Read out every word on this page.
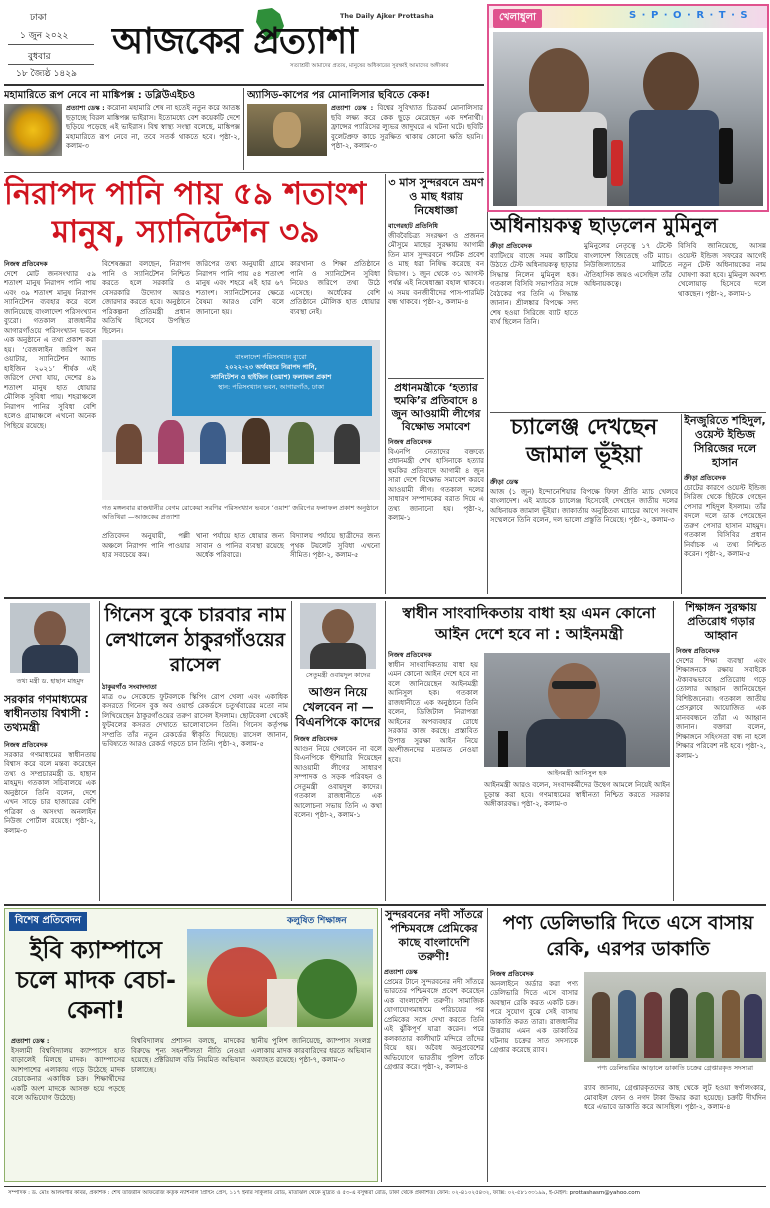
ঢাকা
১ জুন ২০২২
বুধবার
১৮ জ্যৈষ্ঠ ১৪২৯
The Daily Ajker Prottasha
আজকের প্রত্যাশা
সত্যাশ্রয়ী আমাদের প্রত্যয়, মানুষের অধিকারের সুরক্ষাই আমাদের অঙ্গীকার
খেলাধুলা	S · P · O · R · T · S
মহামারিতে রূপ নেবে না মাঙ্কিপক্স : ডব্লিউএইচও
প্রত্যাশা ডেস্ক : করোনা মহামারি শেষ না হতেই নতুন করে আতঙ্ক ছড়াচ্ছে বিরল মাঙ্কিপক্স ভাইরাস। ইতোমধ্যে বেশ কয়েকটি দেশে ছড়িয়ে পড়েছে এই ভাইরাস। বিশ্ব স্বাস্থ্য সংস্থা বলেছে, মাঙ্কিপক্স মহামারিতে রূপ নেবে না, তবে সতর্ক থাকতে হবে। পৃষ্ঠা-২, কলাম-৩
অ্যাসিড-কাপের পর মোনালিসার ছবিতে কেক!
প্রত্যাশা ডেস্ক : বিশ্বের সুবিখ্যাত চিত্রকর্ম মোনালিসার ছবি লক্ষ্য করে কেক ছুড়ে মেরেছেন এক দর্শনার্থী। ফ্রান্সের প্যারিসের ল্যুভর জাদুঘরে এ ঘটনা ঘটে। ছবিটি বুলেটপ্রুফ কাচে সুরক্ষিত থাকায় কোনো ক্ষতি হয়নি। পৃষ্ঠা-২, কলাম-৩
নিরাপদ পানি পায় ৫৯ শতাংশ
মানুষ, স্যানিটেশন ৩৯
নিজস্ব প্রতিবেদক
দেশে মোট জনসংখ্যার ৫৯ শতাংশ মানুষ নিরাপদ পানি পায় এবং ৩৯ শতাংশ মানুষ নিরাপদ স্যানিটেশন ব্যবহার করে বলে জানিয়েছে বাংলাদেশ পরিসংখ্যান ব্যুরো। গতকাল রাজধানীর আগারগাঁওয়ে পরিসংখ্যান ভবনে এক অনুষ্ঠানে এ তথ্য প্রকাশ করা হয়। ‘বেজলাইন জরিপ অন ওয়াটার, স্যানিটেশন অ্যান্ড হাইজিন ২০২১’ শীর্ষক এই জরিপে দেখা যায়, দেশের ৪৯ শতাংশ মানুষ হাত ধোয়ার মৌলিক সুবিধা পায়। শহরাঞ্চলে নিরাপদ পানির সুবিধা বেশি হলেও গ্রামাঞ্চলে এখনো অনেক পিছিয়ে রয়েছে।
বিশেষজ্ঞরা বলছেন, নিরাপদ পানি ও স্যানিটেশন নিশ্চিত করতে হলে সরকারি ও বেসরকারি উদ্যোগ আরও জোরদার করতে হবে। অনুষ্ঠানে পরিকল্পনা প্রতিমন্ত্রী প্রধান অতিথি হিসেবে উপস্থিত ছিলেন।
জরিপের তথ্য অনুযায়ী গ্রামে নিরাপদ পানি পায় ৫৪ শতাংশ মানুষ এবং শহরে এই হার ৬৭ শতাংশ। স্যানিটেশনের ক্ষেত্রে বৈষম্য আরও বেশি বলে জানানো হয়।
কারখানা ও শিক্ষা প্রতিষ্ঠানে পানি ও স্যানিটেশন সুবিধা নিয়েও জরিপে তথ্য উঠে এসেছে। অর্ধেকের বেশি প্রতিষ্ঠানে মৌলিক হাত ধোয়ার ব্যবস্থা নেই।
বাংলাদেশ পরিসংখ্যান ব্যুরো
২০২২-২৩ অর্থবছরে নিরাপদ পানি,
স্যানিটেশন ও হাইজিন (ওয়াশ) ফলাফল প্রকাশ
স্থান: পরিসংখ্যান ভবন, আগারগাঁও, ঢাকা
গত মঙ্গলবার রাজধানীর বেগম রোকেয়া সরণির পরিসংখ্যান ভবনে ‘ওয়াশ’ জরিপের ফলাফল প্রকাশ অনুষ্ঠানে অতিথিরা —আজকের প্রত্যাশা
প্রতিবেদন অনুযায়ী, পল্লী অঞ্চলে নিরাপদ পানি পাওয়ার হার সবচেয়ে কম।
খানা পর্যায়ে হাত ধোয়ার জন্য সাবান ও পানির ব্যবস্থা রয়েছে অর্ধেক পরিবারে।
বিদ্যালয় পর্যায়ে ছাত্রীদের জন্য পৃথক টয়লেট সুবিধা এখনো সীমিত। পৃষ্ঠা-২, কলাম-৫
৩ মাস সুন্দরবনে ভ্রমণ ও মাছ ধরায় নিষেধাজ্ঞা
বাগেরহাট প্রতিনিধি
জীববৈচিত্র্য সংরক্ষণ ও প্রজনন মৌসুমে মাছের সুরক্ষায় আগামী তিন মাস সুন্দরবনে পর্যটক প্রবেশ ও মাছ ধরা নিষিদ্ধ করেছে বন বিভাগ। ১ জুন থেকে ৩১ আগস্ট পর্যন্ত এই নিষেধাজ্ঞা বহাল থাকবে। এ সময় বনজীবীদের পাস-পারমিট বন্ধ থাকবে। পৃষ্ঠা-২, কলাম-৪
প্রধানমন্ত্রীকে ‘হত্যার হুমকি’র প্রতিবাদে ৪ জুন আওয়ামী লীগের বিক্ষোভ সমাবেশ
নিজস্ব প্রতিবেদক
বিএনপি নেতাদের বক্তব্যে প্রধানমন্ত্রী শেখ হাসিনাকে হত্যার হুমকির প্রতিবাদে আগামী ৪ জুন সারা দেশে বিক্ষোভ সমাবেশ করবে আওয়ামী লীগ। গতকাল দলের সাধারণ সম্পাদকের বরাত দিয়ে এ তথ্য জানানো হয়। পৃষ্ঠা-২, কলাম-১
অধিনায়কত্ব ছাড়লেন মুমিনুল
ক্রীড়া প্রতিবেদক
ব্যাটিংয়ে বাজে সময় কাটিয়ে উঠতে টেস্ট অধিনায়কত্ব ছাড়ার সিদ্ধান্ত নিলেন মুমিনুল হক। গতকাল বিসিবি সভাপতির সঙ্গে বৈঠকের পর তিনি এ সিদ্ধান্ত জানান। শ্রীলঙ্কার বিপক্ষে সদ্য শেষ হওয়া সিরিজে ব্যাট হাতে ব্যর্থ ছিলেন তিনি।
মুমিনুলের নেতৃত্বে ১৭ টেস্টে বাংলাদেশ জিতেছে ৩টি ম্যাচ। নিউজিল্যান্ডের মাটিতে ঐতিহাসিক জয়ও এসেছিল তাঁর অধিনায়কত্বে।
বিসিবি জানিয়েছে, আসন্ন ওয়েস্ট ইন্ডিজ সফরের আগেই নতুন টেস্ট অধিনায়কের নাম ঘোষণা করা হবে। মুমিনুল অবশ্য খেলোয়াড় হিসেবে দলে থাকছেন। পৃষ্ঠা-২, কলাম-১
চ্যালেঞ্জ দেখছেন জামাল ভূঁইয়া
ক্রীড়া ডেস্ক
আজ (১ জুন) ইন্দোনেশিয়ার বিপক্ষে ফিফা প্রীতি ম্যাচ খেলবে বাংলাদেশ। এই ম্যাচকে চ্যালেঞ্জ হিসেবেই দেখছেন জাতীয় দলের অধিনায়ক জামাল ভূঁইয়া। জাকার্তায় অনুষ্ঠিতব্য ম্যাচের আগে সংবাদ সম্মেলনে তিনি বলেন, দল ভালো প্রস্তুতি নিয়েছে। পৃষ্ঠা-২, কলাম-৩
ইনজুরিতে শহিদুল, ওয়েস্ট ইন্ডিজ সিরিজের দলে হাসান
ক্রীড়া প্রতিবেদক
চোটের কারণে ওয়েস্ট ইন্ডিজ সিরিজ থেকে ছিটকে গেছেন পেসার শহিদুল ইসলাম। তাঁর বদলে দলে ডাক পেয়েছেন তরুণ পেসার হাসান মাহমুদ। গতকাল বিসিবির প্রধান নির্বাচক এ তথ্য নিশ্চিত করেন। পৃষ্ঠা-২, কলাম-৫
তথ্য মন্ত্রী ড. হাছান মাহমুদ
সরকার গণমাধ্যমের স্বাধীনতায় বিশ্বাসী : তথ্যমন্ত্রী
নিজস্ব প্রতিবেদক
সরকার গণমাধ্যমের স্বাধীনতায় বিশ্বাস করে বলে মন্তব্য করেছেন তথ্য ও সম্প্রচারমন্ত্রী ড. হাছান মাহমুদ। গতকাল সচিবালয়ে এক অনুষ্ঠানে তিনি বলেন, দেশে এখন সাড়ে চার হাজারের বেশি পত্রিকা ও অসংখ্য অনলাইন নিউজ পোর্টাল রয়েছে। পৃষ্ঠা-২, কলাম-৩
গিনেস বুকে চারবার নাম লেখালেন ঠাকুরগাঁওয়ের রাসেল
ঠাকুরগাঁও সংবাদদাতা
মাত্র ৩০ সেকেন্ডে ফুটবলকে স্কিপিং রোপ খেলা এবং একাধিক কসরতে গিনেস বুক অব ওয়ার্ল্ড রেকর্ডসে চতুর্থবারের মতো নাম লিখিয়েছেন ঠাকুরগাঁওয়ের তরুণ রাসেল ইসলাম। ছোটবেলা থেকেই ফুটবলের কসরত দেখাতে ভালোবাসেন তিনি। গিনেস কর্তৃপক্ষ সম্প্রতি তাঁর নতুন রেকর্ডের স্বীকৃতি দিয়েছে। রাসেল জানান, ভবিষ্যতে আরও রেকর্ড গড়তে চান তিনি। পৃষ্ঠা-২, কলাম-৫
সেতুমন্ত্রী ওবায়দুল কাদের
আগুন নিয়ে খেলবেন না —বিএনপিকে কাদের
নিজস্ব প্রতিবেদক
আগুন নিয়ে খেলবেন না বলে বিএনপিকে হুঁশিয়ারি দিয়েছেন আওয়ামী লীগের সাধারণ সম্পাদক ও সড়ক পরিবহন ও সেতুমন্ত্রী ওবায়দুল কাদের। গতকাল রাজধানীতে এক আলোচনা সভায় তিনি এ কথা বলেন। পৃষ্ঠা-২, কলাম-১
স্বাধীন সাংবাদিকতায় বাধা হয় এমন কোনো আইন দেশে হবে না : আইনমন্ত্রী
নিজস্ব প্রতিবেদক
স্বাধীন সাংবাদিকতায় বাধা হয় এমন কোনো আইন দেশে হবে না বলে জানিয়েছেন আইনমন্ত্রী আনিসুল হক। গতকাল রাজধানীতে এক অনুষ্ঠানে তিনি বলেন, ডিজিটাল নিরাপত্তা আইনের অপব্যবহার রোধে সরকার কাজ করছে। প্রস্তাবিত উপাত্ত সুরক্ষা আইন নিয়ে অংশীজনদের মতামত নেওয়া হবে।
আইনমন্ত্রী আনিসুল হক
আইনমন্ত্রী আরও বলেন, সংবাদকর্মীদের উদ্বেগ আমলে নিয়েই আইন চূড়ান্ত করা হবে। গণমাধ্যমের স্বাধীনতা নিশ্চিত করতে সরকার অঙ্গীকারবদ্ধ। পৃষ্ঠা-২, কলাম-৩
শিক্ষাঙ্গন সুরক্ষায় প্রতিরোধ গড়ার আহ্বান
নিজস্ব প্রতিবেদক
দেশের শিক্ষা ব্যবস্থা এবং শিক্ষাঙ্গনকে রক্ষায় সবাইকে ঐক্যবদ্ধভাবে প্রতিরোধ গড়ে তোলার আহ্বান জানিয়েছেন বিশিষ্টজনেরা। গতকাল জাতীয় প্রেসক্লাবে আয়োজিত এক মানববন্ধনে তাঁরা এ আহ্বান জানান। বক্তারা বলেন, শিক্ষাঙ্গনে সহিংসতা বন্ধ না হলে শিক্ষার পরিবেশ নষ্ট হবে। পৃষ্ঠা-২, কলাম-১
বিশেষ প্রতিবেদন	কলুষিত শিক্ষাঙ্গন
ইবি ক্যাম্পাসে চলে মাদক বেচা-কেনা!
প্রত্যাশা ডেস্ক :
ইসলামী বিশ্ববিদ্যালয় ক্যাম্পাসে হাত বাড়ালেই মিলছে মাদক। ক্যাম্পাসের আশপাশের এলাকায় গড়ে উঠেছে মাদক বেচাকেনার একাধিক চক্র। শিক্ষার্থীদের একটি অংশ মাদকে আসক্ত হয়ে পড়ছে বলে অভিযোগ উঠেছে।
বিশ্ববিদ্যালয় প্রশাসন বলছে, মাদকের বিরুদ্ধে শূন্য সহনশীলতা নীতি নেওয়া হয়েছে। প্রক্টরিয়াল বডি নিয়মিত অভিযান চালাচ্ছে।
স্থানীয় পুলিশ জানিয়েছে, ক্যাম্পাস সংলগ্ন এলাকায় মাদক কারবারিদের ধরতে অভিযান অব্যাহত রয়েছে। পৃষ্ঠা-৭, কলাম-৩
সুন্দরবনের নদী সাঁতরে পশ্চিমবঙ্গে প্রেমিকের কাছে বাংলাদেশি তরুণী!
প্রত্যাশা ডেস্ক
প্রেমের টানে সুন্দরবনের নদী সাঁতরে ভারতের পশ্চিমবঙ্গে প্রবেশ করেছেন এক বাংলাদেশি তরুণী। সামাজিক যোগাযোগমাধ্যমে পরিচয়ের পর প্রেমিকের সঙ্গে দেখা করতে তিনি এই ঝুঁকিপূর্ণ যাত্রা করেন। পরে কলকাতার কালীঘাট মন্দিরে তাঁদের বিয়ে হয়। অবৈধ অনুপ্রবেশের অভিযোগে ভারতীয় পুলিশ তাঁকে গ্রেপ্তার করে। পৃষ্ঠা-২, কলাম-৪
পণ্য ডেলিভারি দিতে এসে বাসায় রেকি, এরপর ডাকাতি
নিজস্ব প্রতিবেদক
অনলাইনে অর্ডার করা পণ্য ডেলিভারি দিতে এসে বাসার অবস্থান রেকি করত একটি চক্র। পরে সুযোগ বুঝে সেই বাসায় ডাকাতি করত তারা। রাজধানীর উত্তরায় এমন এক ডাকাতির ঘটনায় চক্রের সাত সদস্যকে গ্রেপ্তার করেছে র‌্যাব।
পণ্য ডেলিভারির আড়ালে ডাকাতি চক্রের গ্রেপ্তারকৃত সদস্যরা
র‌্যাব জানায়, গ্রেপ্তারকৃতদের কাছ থেকে লুট হওয়া স্বর্ণালংকার, মোবাইল ফোন ও নগদ টাকা উদ্ধার করা হয়েছে। চক্রটি দীর্ঘদিন ধরে এভাবে ডাকাতি করে আসছিল। পৃষ্ঠা-২, কলাম-৪
সম্পাদক : ড. মোঃ আলমগীর কবির, প্রকাশক : শেখ তাজরীন আফরোজ কর্তৃক ন্যাশনাল প্রিন্টিং প্রেস, ১১৭ ইনার সার্কুলার রোড, মতিঝিল থেকে মুদ্রিত ও ৫৩-এ বসুন্ধরা রোড, ঢাকা থেকে প্রকাশিত। ফোন: ০২-৪১০২৫৪৩২, ফ্যাক্স: ০২-৫৮১৩৩১৯৯, ই-মেইল: prottashasm@yahoo.com
